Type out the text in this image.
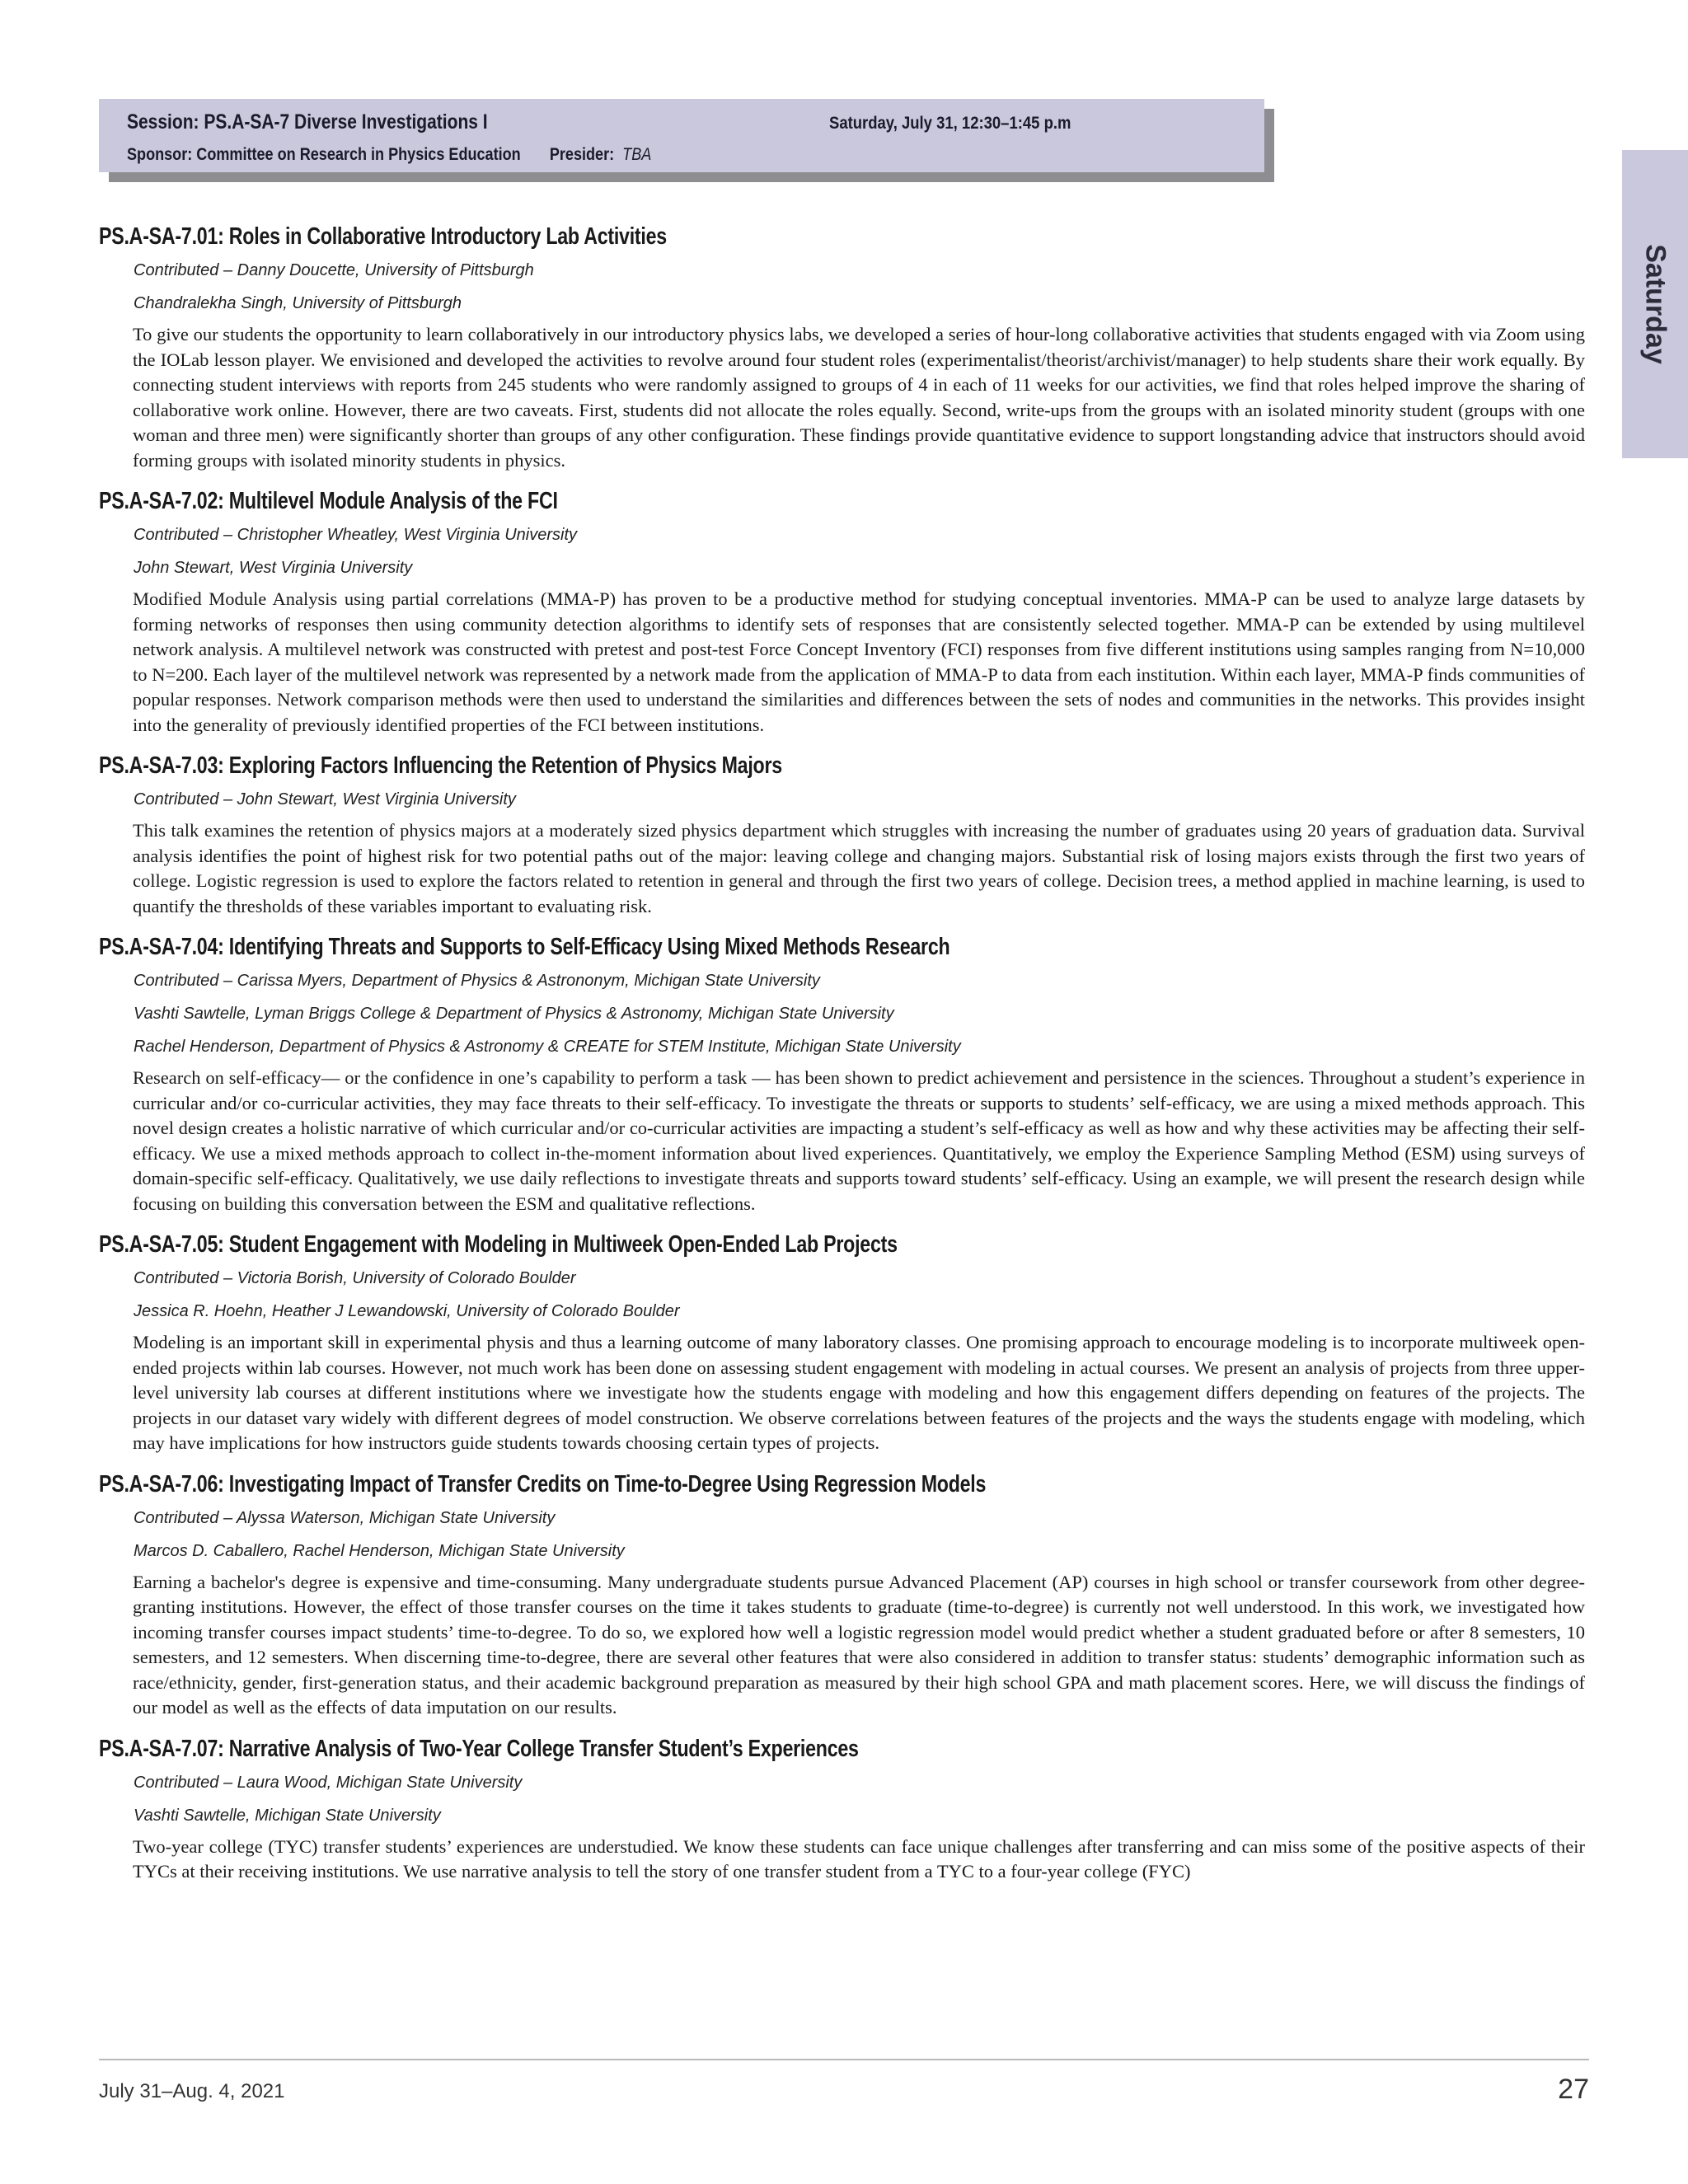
Session: PS.A-SA-7 Diverse Investigations I	Saturday, July 31, 12:30–1:45 p.m
Sponsor: Committee on Research in Physics Education Presider: TBA
Saturday
PS.A-SA-7.01: Roles in Collaborative Introductory Lab Activities
Contributed – Danny Doucette, University of Pittsburgh
Chandralekha Singh, University of Pittsburgh
To give our students the opportunity to learn collaboratively in our introductory physics labs, we developed a series of hour-long collaborative activities that students engaged with via Zoom using the IOLab lesson player. We envisioned and developed the activities to revolve around four student roles (experimentalist/theorist/archivist/manager) to help students share their work equally. By connecting student interviews with reports from 245 students who were randomly assigned to groups of 4 in each of 11 weeks for our activities, we find that roles helped improve the sharing of collaborative work online. However, there are two caveats. First, students did not allocate the roles equally. Second, write-ups from the groups with an isolated minority student (groups with one woman and three men) were significantly shorter than groups of any other configuration. These findings provide quantitative evidence to support longstanding advice that instructors should avoid forming groups with isolated minority students in physics.
PS.A-SA-7.02: Multilevel Module Analysis of the FCI
Contributed – Christopher Wheatley, West Virginia University
John Stewart, West Virginia University
Modified Module Analysis using partial correlations (MMA-P) has proven to be a productive method for studying conceptual inventories. MMA-P can be used to analyze large datasets by forming networks of responses then using community detection algorithms to identify sets of responses that are consistently selected together. MMA-P can be extended by using multilevel network analysis. A multilevel network was constructed with pretest and post-test Force Concept Inventory (FCI) responses from five different institutions using samples ranging from N=10,000 to N=200. Each layer of the multilevel network was represented by a network made from the application of MMA-P to data from each institution. Within each layer, MMA-P finds communities of popular responses. Network comparison methods were then used to understand the similarities and differences between the sets of nodes and communities in the networks. This provides insight into the generality of previously identified properties of the FCI between institutions.
PS.A-SA-7.03: Exploring Factors Influencing the Retention of Physics Majors
Contributed – John Stewart, West Virginia University
This talk examines the retention of physics majors at a moderately sized physics department which struggles with increasing the number of graduates using 20 years of graduation data. Survival analysis identifies the point of highest risk for two potential paths out of the major: leaving college and changing majors. Substantial risk of losing majors exists through the first two years of college. Logistic regression is used to explore the factors related to retention in general and through the first two years of college. Decision trees, a method applied in machine learning, is used to quantify the thresholds of these variables important to evaluating risk.
PS.A-SA-7.04: Identifying Threats and Supports to Self-Efficacy Using Mixed Methods Research
Contributed – Carissa Myers, Department of Physics & Astrononym, Michigan State University
Vashti Sawtelle, Lyman Briggs College & Department of Physics & Astronomy, Michigan State University
Rachel Henderson, Department of Physics & Astronomy & CREATE for STEM Institute, Michigan State University
Research on self-efficacy— or the confidence in one’s capability to perform a task — has been shown to predict achievement and persistence in the sciences. Throughout a student’s experience in curricular and/or co-curricular activities, they may face threats to their self-efficacy. To investigate the threats or supports to students’ self-efficacy, we are using a mixed methods approach. This novel design creates a holistic narrative of which curricular and/or co-curricular activities are impacting a student’s self-efficacy as well as how and why these activities may be affecting their self-efficacy. We use a mixed methods approach to collect in-the-moment information about lived experiences. Quantitatively, we employ the Experience Sampling Method (ESM) using surveys of domain-specific self-efficacy. Qualitatively, we use daily reflections to investigate threats and supports toward students’ self-efficacy. Using an example, we will present the research design while focusing on building this conversation between the ESM and qualitative reflections.
PS.A-SA-7.05: Student Engagement with Modeling in Multiweek Open-Ended Lab Projects
Contributed – Victoria Borish, University of Colorado Boulder
Jessica R. Hoehn, Heather J Lewandowski, University of Colorado Boulder
Modeling is an important skill in experimental physis and thus a learning outcome of many laboratory classes. One promising approach to encourage modeling is to incorporate multiweek open-ended projects within lab courses. However, not much work has been done on assessing student engagement with modeling in actual courses. We present an analysis of projects from three upper-level university lab courses at different institutions where we investigate how the students engage with modeling and how this engagement differs depending on features of the projects. The projects in our dataset vary widely with different degrees of model construction. We observe correlations between features of the projects and the ways the students engage with modeling, which may have implications for how instructors guide students towards choosing certain types of projects.
PS.A-SA-7.06: Investigating Impact of Transfer Credits on Time-to-Degree Using Regression Models
Contributed – Alyssa Waterson, Michigan State University
Marcos D. Caballero, Rachel Henderson, Michigan State University
Earning a bachelor's degree is expensive and time-consuming. Many undergraduate students pursue Advanced Placement (AP) courses in high school or transfer coursework from other degree-granting institutions. However, the effect of those transfer courses on the time it takes students to graduate (time-to-degree) is currently not well understood. In this work, we investigated how incoming transfer courses impact students’ time-to-degree. To do so, we explored how well a logistic regression model would predict whether a student graduated before or after 8 semesters, 10 semesters, and 12 semesters. When discerning time-to-degree, there are several other features that were also considered in addition to transfer status: students’ demographic information such as race/ethnicity, gender, first-generation status, and their academic background preparation as measured by their high school GPA and math placement scores. Here, we will discuss the findings of our model as well as the effects of data imputation on our results.
PS.A-SA-7.07: Narrative Analysis of Two-Year College Transfer Student’s Experiences
Contributed – Laura Wood, Michigan State University
Vashti Sawtelle, Michigan State University
Two-year college (TYC) transfer students’ experiences are understudied. We know these students can face unique challenges after transferring and can miss some of the positive aspects of their TYCs at their receiving institutions. We use narrative analysis to tell the story of one transfer student from a TYC to a four-year college (FYC)
July 31–Aug. 4, 2021	27
